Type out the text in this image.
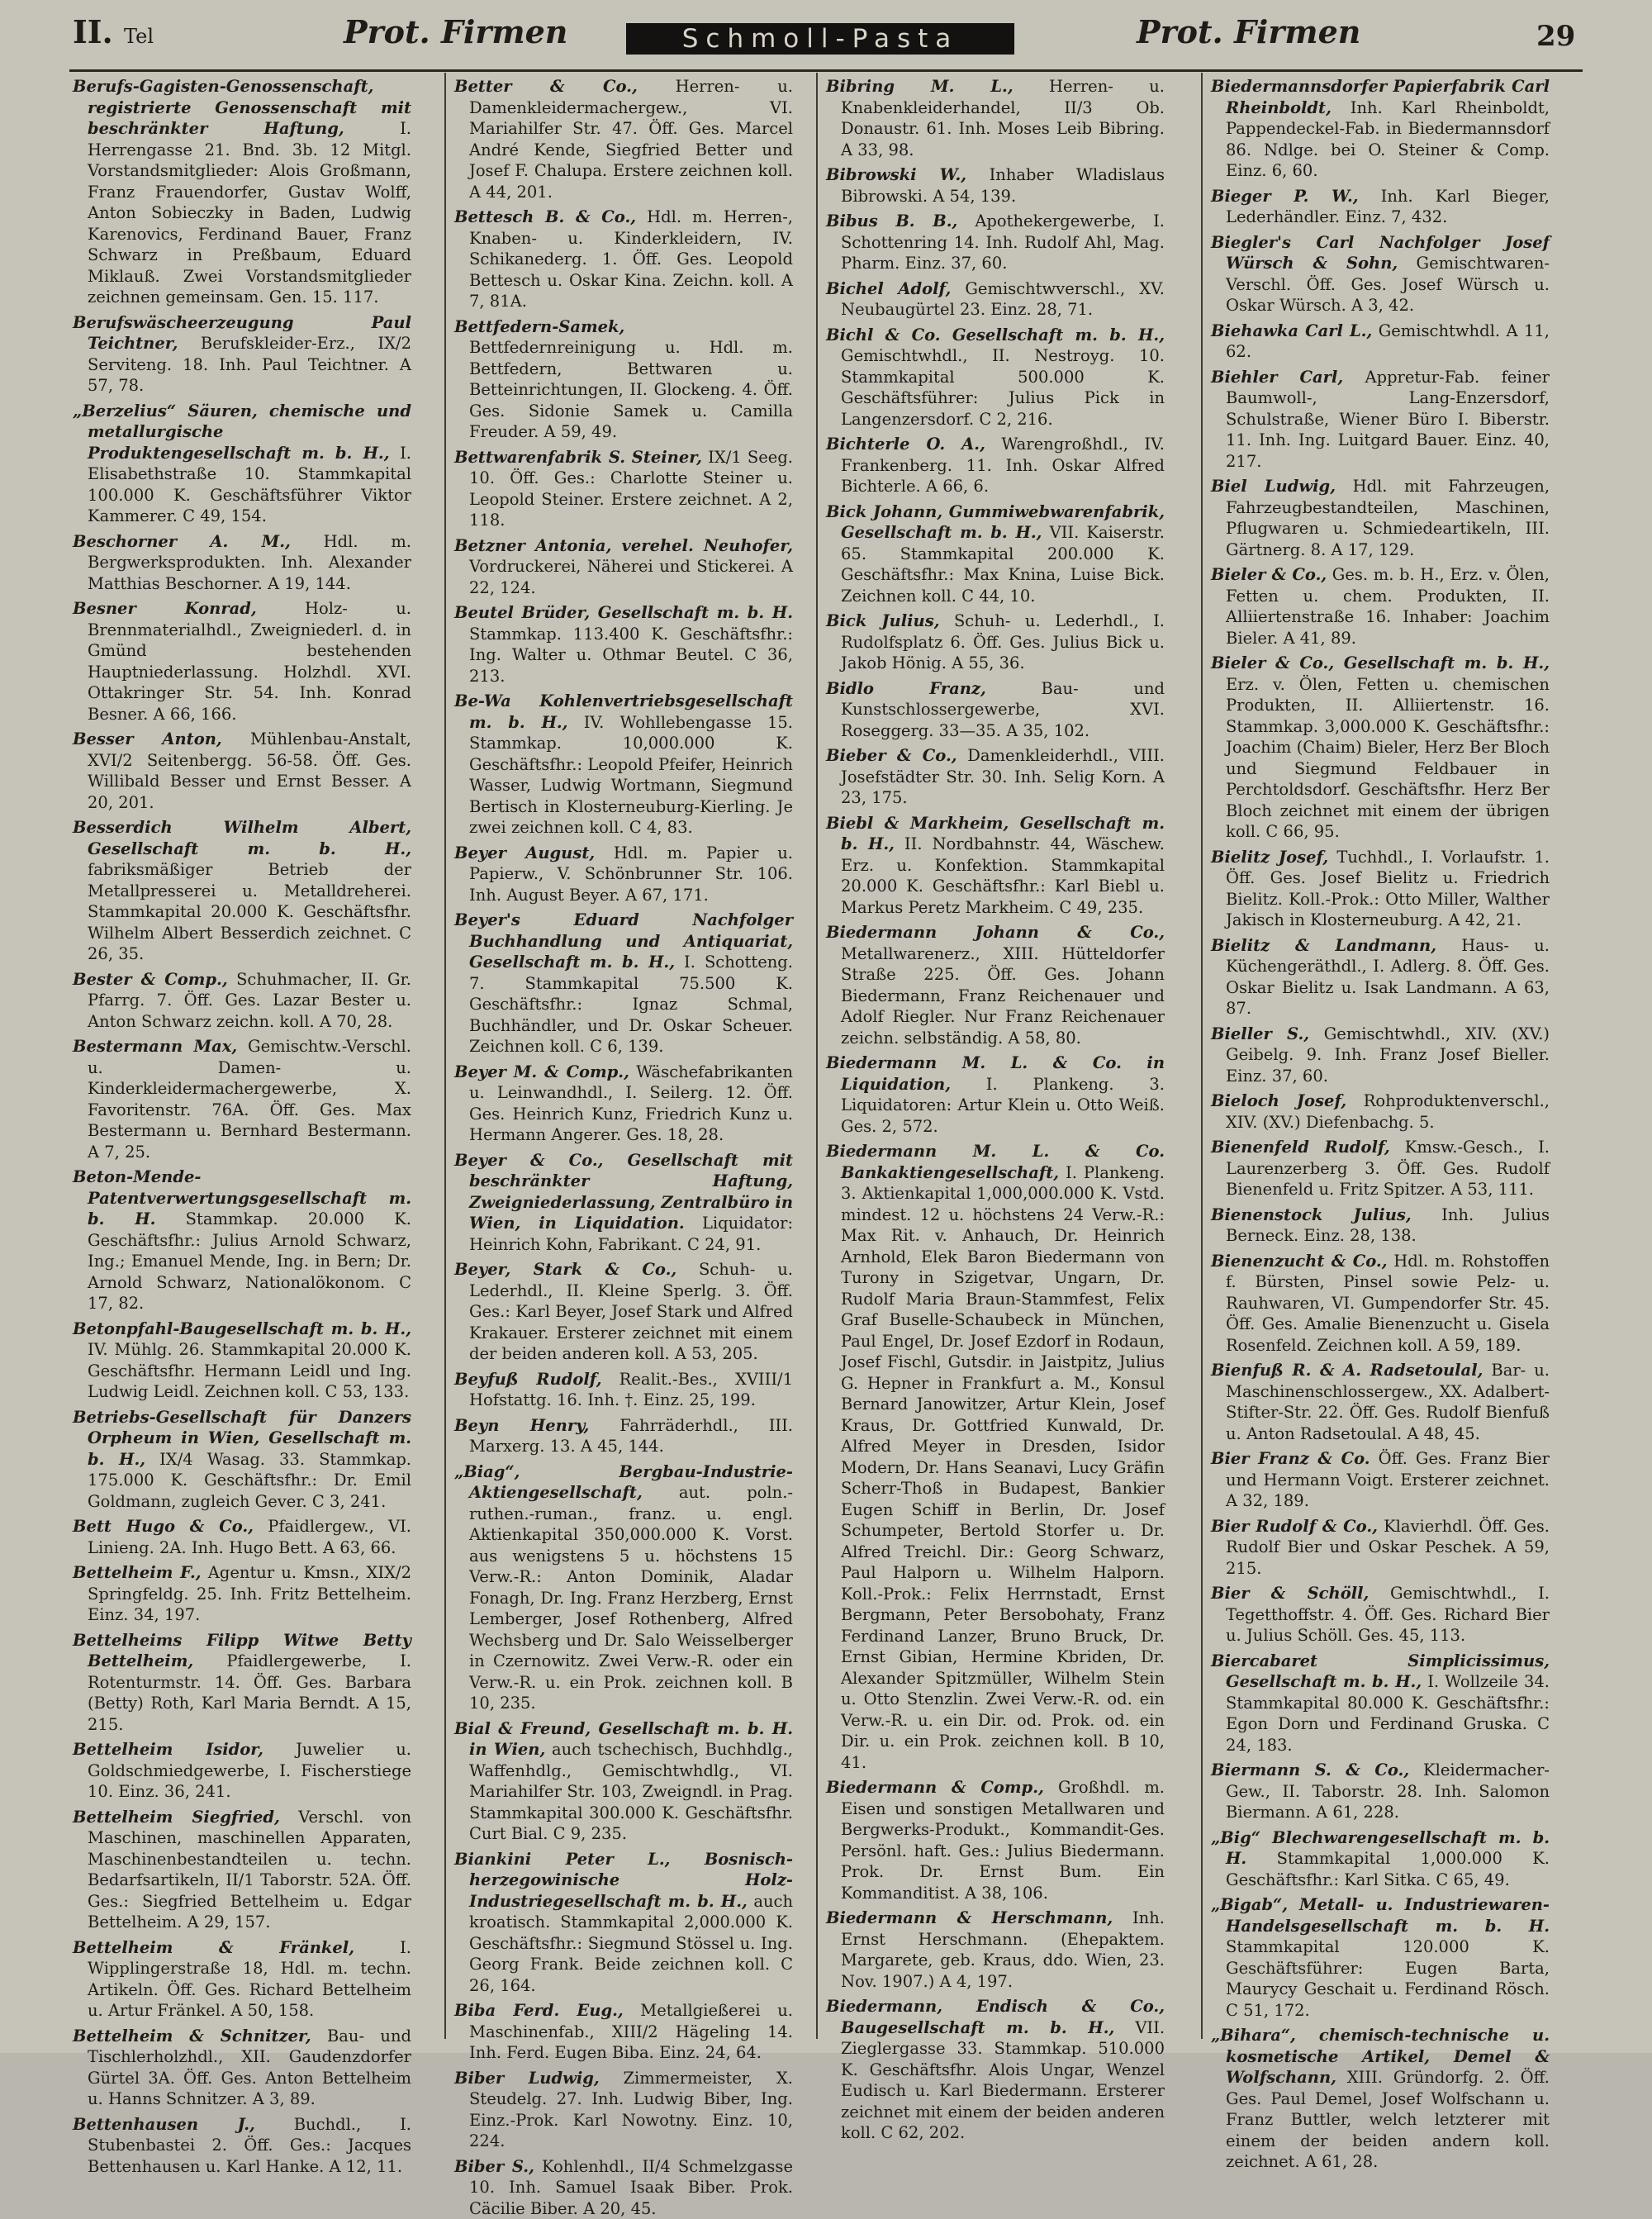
II. Tel	Prot. Firmen	Schmoll-Pasta	Prot. Firmen	29

Berufs-Gagisten-Genossenschaft, registrierte Genossenschaft mit beschränkter Haftung,	I. Herrengasse 21. Bnd. 3b. 12 Mitgl. Vorstandsmitglieder: Alois Großmann, Franz Frauendorfer, Gustav Wolff, Anton Sobieczky in Baden, Ludwig Karenovics, Ferdinand Bauer, Franz Schwarz in Preßbaum, Eduard Miklauß. Zwei Vorstandsmitglieder zeichnen gemeinsam. Gen. 15. 117.

Berufswäscheerzeugung Paul Teichtner, Berufskleider-Erz., IX/2 Serviteng. 18. Inh. Paul Teichtner. A 57, 78.

„Berzelius“ Säuren, chemische und metallurgische Produktengesellschaft m. b. H., I. Elisabethstraße 10. Stammkapital 100.000 K. Geschäftsführer Viktor Kammerer. C 49, 154.

Beschorner A. M., Hdl. m. Bergwerksprodukten. Inh. Alexander Matthias Beschorner. A 19, 144.

Besner Konrad,	Holz- u. Brennmaterialhdl., Zweigniederl. d. in Gmünd bestehenden Hauptniederlassung. Holzhdl. XVI. Ottakringer Str. 54. Inh. Konrad Besner. A 66, 166.

Besser Anton, Mühlenbau-Anstalt, XVI/2 Seitenbergg. 56-58. Öff. Ges. Willibald Besser und Ernst Besser. A 20, 201.

Besserdich Wilhelm Albert, Gesellschaft m. b. H., fabriksmäßiger Betrieb der Metallpresserei u. Metalldreherei. Stammkapital 20.000 K. Geschäftsfhr. Wilhelm Albert Besserdich zeichnet. C 26, 35.

Bester & Comp., Schuhmacher, II. Gr. Pfarrg. 7. Öff. Ges. Lazar Bester u. Anton Schwarz zeichn. koll. A 70, 28.

Bestermann Max, Gemischtw.-Verschl. u. Damen- u. Kinderkleidermachergewerbe, X. Favoritenstr. 76A. Öff. Ges. Max Bestermann u. Bernhard Bestermann. A 7, 25.

Beton-Mende-Patentverwertungsgesellschaft m. b. H. Stammkap. 20.000 K. Geschäftsfhr.: Julius Arnold Schwarz, Ing.; Emanuel Mende, Ing. in Bern; Dr. Arnold Schwarz, Nationalökonom. C 17, 82.

Betonpfahl-Baugesellschaft m. b. H., IV. Mühlg. 26. Stammkapital 20.000 K. Geschäftsfhr. Hermann Leidl und Ing. Ludwig Leidl. Zeichnen koll. C 53, 133.

Betriebs-Gesellschaft für Danzers Orpheum in Wien, Gesellschaft m. b. H., IX/4 Wasag. 33. Stammkap. 175.000 K. Geschäftsfhr.: Dr. Emil Goldmann, zugleich Gever. C 3, 241.

Bett Hugo & Co., Pfaidlergew., VI. Linieng. 2A. Inh. Hugo Bett. A 63, 66.

Bettelheim F., Agentur u. Kmsn., XIX/2 Springfeldg. 25. Inh. Fritz Bettelheim. Einz. 34, 197.

Bettelheims Filipp Witwe Betty Bettelheim, Pfaidlergewerbe, I. Rotenturmstr. 14. Öff. Ges. Barbara (Betty) Roth, Karl Maria Berndt. A 15, 215.

Bettelheim Isidor, Juwelier u. Goldschmiedgewerbe, I. Fischerstiege 10. Einz. 36, 241.

Bettelheim Siegfried, Verschl. von Maschinen, maschinellen Apparaten, Maschinenbestandteilen u. techn. Bedarfsartikeln, II/1 Taborstr. 52A. Öff. Ges.: Siegfried Bettelheim u. Edgar Bettelheim. A 29, 157.

Bettelheim & Fränkel,	I. Wipplingerstraße 18, Hdl. m. techn. Artikeln. Öff. Ges. Richard Bettelheim u. Artur Fränkel. A 50, 158.

Bettelheim & Schnitzer, Bau- und Tischlerholzhdl., XII. Gaudenzdorfer Gürtel 3A. Öff. Ges. Anton Bettelheim u. Hanns Schnitzer. A 3, 89.

Bettenhausen J., Buchdl., I. Stubenbastei 2. Öff. Ges.: Jacques Bettenhausen u. Karl Hanke. A 12, 11.

Better & Co., Herren- u. Damenkleidermachergew., VI. Mariahilfer Str. 47. Öff. Ges. Marcel André Kende, Siegfried Better und Josef F. Chalupa. Erstere zeichnen koll. A 44, 201.

Bettesch B. & Co., Hdl. m. Herren-, Knaben- u. Kinderkleidern, IV. Schikanederg. 1. Öff. Ges. Leopold Bettesch u. Oskar Kina. Zeichn. koll. A 7, 81A.

Bettfedern-Samek, Bettfedernreinigung u. Hdl. m. Bettfedern, Bettwaren u. Betteinrichtungen, II. Glockeng. 4. Öff. Ges. Sidonie Samek u. Camilla Freuder. A 59, 49.

Bettwarenfabrik S. Steiner, IX/1 Seeg. 10. Öff. Ges.: Charlotte Steiner u. Leopold Steiner. Erstere zeichnet. A 2, 118.

Betzner Antonia, verehel. Neuhofer, Vordruckerei, Näherei und Stickerei. A 22, 124.

Beutel Brüder, Gesellschaft m. b. H. Stammkap. 113.400 K. Geschäftsfhr.: Ing. Walter u. Othmar Beutel. C 36, 213.

Be-Wa Kohlenvertriebsgesellschaft m. b. H., IV. Wohllebengasse 15. Stammkap. 10,000.000 K. Geschäftsfhr.: Leopold Pfeifer, Heinrich Wasser, Ludwig Wortmann, Siegmund Bertisch in Klosterneuburg-Kierling. Je zwei zeichnen koll. C 4, 83.

Beyer August, Hdl. m. Papier u. Papierw., V. Schönbrunner Str. 106. Inh. August Beyer. A 67, 171.

Beyer's Eduard Nachfolger Buchhandlung und Antiquariat, Gesellschaft m. b. H., I. Schotteng. 7. Stammkapital 75.500 K. Geschäftsfhr.: Ignaz Schmal, Buchhändler, und Dr. Oskar Scheuer. Zeichnen koll. C 6, 139.

Beyer M. & Comp., Wäschefabrikanten u. Leinwandhdl., I. Seilerg. 12. Öff. Ges. Heinrich Kunz, Friedrich Kunz u. Hermann Angerer. Ges. 18, 28.

Beyer & Co., Gesellschaft mit beschränkter Haftung, Zweigniederlassung, Zentralbüro in Wien, in Liquidation. Liquidator: Heinrich Kohn, Fabrikant. C 24, 91.

Beyer, Stark & Co., Schuh- u. Lederhdl., II. Kleine Sperlg. 3. Öff. Ges.: Karl Beyer, Josef Stark und Alfred Krakauer. Ersterer zeichnet mit einem der beiden anderen koll. A 53, 205.

Beyfuß Rudolf, Realit.-Bes., XVIII/1 Hofstattg. 16. Inh. †. Einz. 25, 199.

Beyn Henry, Fahrräderhdl., III. Marxerg. 13. A 45, 144.

„Biag“, Bergbau-Industrie-Aktiengesellschaft, aut. poln.-ruthen.-ruman., franz. u. engl. Aktienkapital 350,000.000 K. Vorst. aus wenigstens 5 u. höchstens 15 Verw.-R.: Anton Dominik, Aladar Fonagh, Dr. Ing. Franz Herzberg, Ernst Lemberger, Josef Rothenberg, Alfred Wechsberg und Dr. Salo Weisselberger in Czernowitz. Zwei Verw.-R. oder ein Verw.-R. u. ein Prok. zeichnen koll. B 10, 235.

Bial & Freund, Gesellschaft m. b. H. in Wien, auch tschechisch, Buchhdlg., Waffenhdlg., Gemischtwhdlg., VI. Mariahilfer Str. 103, Zweigndl. in Prag. Stammkapital 300.000 K. Geschäftsfhr. Curt Bial. C 9, 235.

Biankini Peter L., Bosnisch-herzegowinische Holz-Industriegesellschaft m. b. H., auch kroatisch. Stammkapital 2,000.000 K. Geschäftsfhr.: Siegmund Stössel u. Ing. Georg Frank. Beide zeichnen koll. C 26, 164.

Biba Ferd. Eug., Metallgießerei u. Maschinenfab., XIII/2 Hägeling 14. Inh. Ferd. Eugen Biba. Einz. 24, 64.

Biber Ludwig, Zimmermeister, X. Steudelg. 27. Inh. Ludwig Biber, Ing. Einz.-Prok. Karl Nowotny. Einz. 10, 224.

Biber S., Kohlenhdl., II/4 Schmelzgasse 10. Inh. Samuel Isaak Biber. Prok. Cäcilie Biber. A 20, 45.

Bibring M. L., Herren- u. Knabenkleiderhandel, II/3 Ob. Donaustr. 61. Inh. Moses Leib Bibring. A 33, 98.

Bibrowski W., Inhaber Wladislaus Bibrowski. A 54, 139.

Bibus B. B., Apothekergewerbe, I. Schottenring 14. Inh. Rudolf Ahl, Mag. Pharm. Einz. 37, 60.

Bichel Adolf, Gemischtwverschl., XV. Neubaugürtel 23. Einz. 28, 71.

Bichl & Co. Gesellschaft m. b. H., Gemischtwhdl., II. Nestroyg. 10. Stammkapital 500.000 K. Geschäftsführer: Julius Pick in Langenzersdorf. C 2, 216.

Bichterle O. A., Warengroßhdl., IV. Frankenberg. 11. Inh. Oskar Alfred Bichterle. A 66, 6.

Bick Johann, Gummiwebwarenfabrik, Gesellschaft m. b. H., VII. Kaiserstr. 65. Stammkapital 200.000 K. Geschäftsfhr.: Max Knina, Luise Bick. Zeichnen koll. C 44, 10.

Bick Julius, Schuh- u. Lederhdl., I. Rudolfsplatz 6. Öff. Ges. Julius Bick u. Jakob Hönig. A 55, 36.

Bidlo Franz,	Bau- und Kunstschlossergewerbe, XVI. Roseggerg. 33—35. A 35, 102.

Bieber & Co., Damenkleiderhdl., VIII. Josefstädter Str. 30. Inh. Selig Korn. A 23, 175.

Biebl & Markheim, Gesellschaft m. b. H., II. Nordbahnstr. 44, Wäschew. Erz. u. Konfektion. Stammkapital 20.000 K. Geschäftsfhr.: Karl Biebl u. Markus Peretz Markheim. C 49, 235.

Biedermann Johann & Co., Metallwarenerz., XIII. Hütteldorfer Straße 225. Öff. Ges. Johann Biedermann, Franz Reichenauer und Adolf Riegler. Nur Franz Reichenauer zeichn. selbständig. A 58, 80.

Biedermann M. L. & Co. in Liquidation, I. Plankeng. 3. Liquidatoren: Artur Klein u. Otto Weiß. Ges. 2, 572.

Biedermann M. L. & Co. Bankaktiengesellschaft, I. Plankeng. 3. Aktienkapital 1,000,000.000 K. Vstd. mindest. 12 u. höchstens 24 Verw.-R.: Max Rit. v. Anhauch, Dr. Heinrich Arnhold, Elek Baron Biedermann von Turony in Szigetvar, Ungarn, Dr. Rudolf Maria Braun-Stammfest, Felix Graf Buselle-Schaubeck in München, Paul Engel, Dr. Josef Ezdorf in Rodaun, Josef Fischl, Gutsdir. in Jaistpitz, Julius G. Hepner in Frankfurt a. M., Konsul Bernard Janowitzer, Artur Klein, Josef Kraus, Dr. Gottfried Kunwald, Dr. Alfred Meyer in Dresden, Isidor Modern, Dr. Hans Seanavi, Lucy Gräfin Scherr-Thoß in Budapest, Bankier Eugen Schiff in Berlin, Dr. Josef Schumpeter, Bertold Storfer u. Dr. Alfred Treichl. Dir.: Georg Schwarz, Paul Halporn u. Wilhelm Halporn. Koll.-Prok.: Felix Herrnstadt, Ernst Bergmann, Peter Bersobohaty, Franz Ferdinand Lanzer, Bruno Bruck, Dr. Ernst Gibian, Hermine Kbriden, Dr. Alexander Spitzmüller, Wilhelm Stein u. Otto Stenzlin. Zwei Verw.-R. od. ein Verw.-R. u. ein Dir. od. Prok. od. ein Dir. u. ein Prok. zeichnen koll. B 10, 41.

Biedermann & Comp., Großhdl. m. Eisen und sonstigen Metallwaren und Bergwerks-Produkt., Kommandit-Ges. Persönl. haft. Ges.: Julius Biedermann. Prok. Dr. Ernst Bum. Ein Kommanditist. A 38, 106.

Biedermann & Herschmann, Inh. Ernst Herschmann. (Ehepaktem. Margarete, geb. Kraus, ddo. Wien, 23. Nov. 1907.) A 4, 197.

Biedermann, Endisch & Co., Baugesellschaft m. b. H., VII. Zieglergasse 33. Stammkap. 510.000 K. Geschäftsfhr. Alois Ungar, Wenzel Eudisch u. Karl Biedermann. Ersterer zeichnet mit einem der beiden anderen koll. C 62, 202.

Biedermannsdorfer Papierfabrik Carl Rheinboldt, Inh. Karl Rheinboldt, Pappendeckel-Fab. in Biedermannsdorf 86. Ndlge. bei O. Steiner & Comp. Einz. 6, 60.

Bieger P. W., Inh. Karl Bieger, Lederhändler. Einz. 7, 432.

Biegler's Carl Nachfolger Josef Würsch & Sohn, Gemischtwaren-Verschl. Öff. Ges. Josef Würsch u. Oskar Würsch. A 3, 42.

Biehawka Carl L., Gemischtwhdl. A 11, 62.

Biehler Carl, Appretur-Fab. feiner Baumwoll-, Lang-Enzersdorf, Schulstraße, Wiener Büro I. Biberstr. 11. Inh. Ing. Luitgard Bauer. Einz. 40, 217.

Biel Ludwig, Hdl. mit Fahrzeugen, Fahrzeugbestandteilen, Maschinen, Pflugwaren u. Schmiedeartikeln, III. Gärtnerg. 8. A 17, 129.

Bieler & Co., Ges. m. b. H., Erz. v. Ölen, Fetten u. chem. Produkten, II. Alliiertenstraße 16. Inhaber: Joachim Bieler. A 41, 89.

Bieler & Co., Gesellschaft m. b. H., Erz. v. Ölen, Fetten u. chemischen Produkten, II. Alliiertenstr. 16. Stammkap. 3,000.000 K. Geschäftsfhr.: Joachim (Chaim) Bieler, Herz Ber Bloch und Siegmund Feldbauer in Perchtoldsdorf. Geschäftsfhr. Herz Ber Bloch zeichnet mit einem der übrigen koll. C 66, 95.

Bielitz Josef, Tuchhdl., I. Vorlaufstr. 1. Öff. Ges. Josef Bielitz u. Friedrich Bielitz. Koll.-Prok.: Otto Miller, Walther Jakisch in Klosterneuburg. A 42, 21.

Bielitz & Landmann, Haus- u. Küchengeräthdl., I. Adlerg. 8. Öff. Ges. Oskar Bielitz u. Isak Landmann. A 63, 87.

Bieller S., Gemischtwhdl., XIV. (XV.) Geibelg. 9. Inh. Franz Josef Bieller. Einz. 37, 60.

Bieloch Josef, Rohproduktenverschl., XIV. (XV.) Diefenbachg. 5.

Bienenfeld Rudolf, Kmsw.-Gesch., I. Laurenzerberg 3. Öff. Ges. Rudolf Bienenfeld u. Fritz Spitzer. A 53, 111.

Bienenstock Julius, Inh. Julius Berneck. Einz. 28, 138.

Bienenzucht & Co., Hdl. m. Rohstoffen f. Bürsten, Pinsel sowie Pelz- u. Rauhwaren, VI. Gumpendorfer Str. 45. Öff. Ges. Amalie Bienenzucht u. Gisela Rosenfeld. Zeichnen koll. A 59, 189.

Bienfuß R. & A. Radsetoulal, Bar- u. Maschinenschlossergew., XX. Adalbert-Stifter-Str. 22. Öff. Ges. Rudolf Bienfuß u. Anton Radsetoulal. A 48, 45.

Bier Franz & Co. Öff. Ges. Franz Bier und Hermann Voigt. Ersterer zeichnet. A 32, 189.

Bier Rudolf & Co., Klavierhdl. Öff. Ges. Rudolf Bier und Oskar Peschek. A 59, 215.

Bier & Schöll, Gemischtwhdl., I. Tegetthoffstr. 4. Öff. Ges. Richard Bier u. Julius Schöll. Ges. 45, 113.

Biercabaret Simplicissimus, Gesellschaft m. b. H., I. Wollzeile 34. Stammkapital 80.000 K. Geschäftsfhr.: Egon Dorn und Ferdinand Gruska. C 24, 183.

Biermann S. & Co., Kleidermacher-Gew., II. Taborstr. 28. Inh. Salomon Biermann. A 61, 228.

„Big“ Blechwarengesellschaft m. b. H. Stammkapital 1,000.000 K. Geschäftsfhr.: Karl Sitka. C 65, 49.

„Bigab“, Metall- u. Industriewaren-Handelsgesellschaft m. b. H. Stammkapital 120.000 K. Geschäftsführer: Eugen Barta, Maurycy Geschait u. Ferdinand Rösch. C 51, 172.

„Bihara“, chemisch-technische u. kosmetische Artikel, Demel & Wolfschann, XIII. Gründorfg. 2. Öff. Ges. Paul Demel, Josef Wolfschann u. Franz Buttler, welch letzterer mit einem der beiden andern koll. zeichnet. A 61, 28.
